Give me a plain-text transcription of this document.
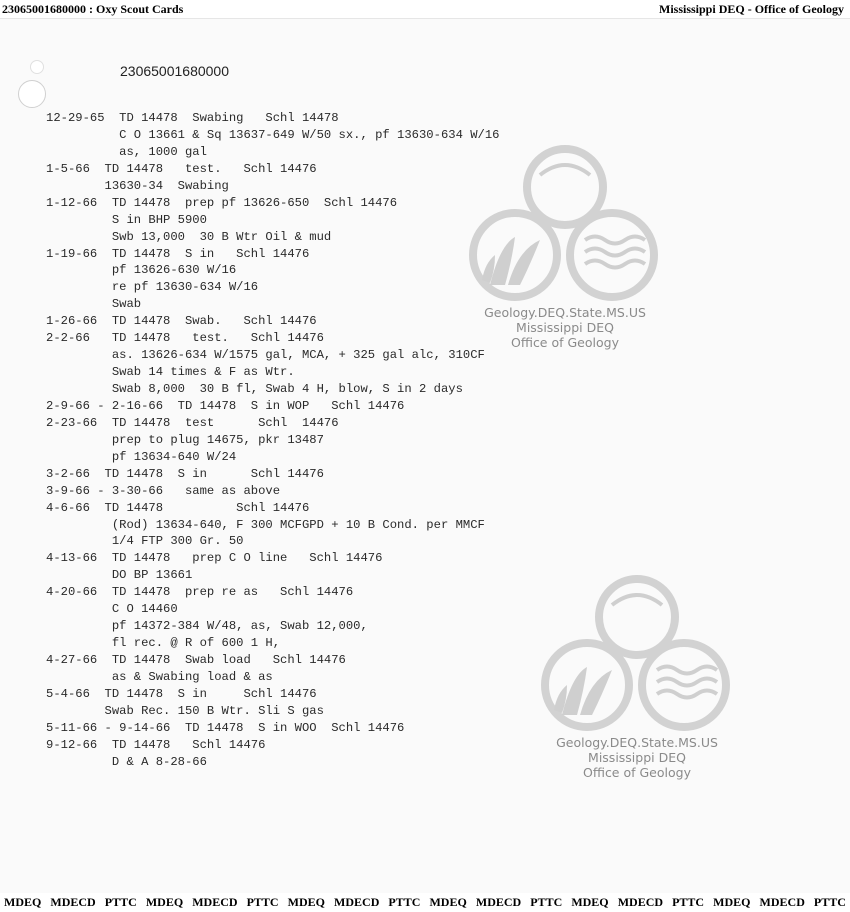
23065001680000 : Oxy Scout Cards	Mississippi DEQ - Office of Geology
23065001680000
12-29-65  TD 14478  Swabing   Schl 14478
C O 13661 & Sq 13637-649 W/50 sx., pf 13630-634 W/16
as, 1000 gal
1-5-66  TD 14478   test.   Schl 14476
13630-34  Swabing
1-12-66  TD 14478  prep pf 13626-650  Schl 14476
S in BHP 5900
Swb 13,000  30 B Wtr Oil & mud
1-19-66  TD 14478  S in   Schl 14476
pf 13626-630 W/16
re pf 13630-634 W/16
Swab
1-26-66  TD 14478  Swab.   Schl 14476
2-2-66   TD 14478   test.   Schl 14476
as. 13626-634 W/1575 gal, MCA, + 325 gal alc, 310CF
Swab 14 times & F as Wtr.
Swab 8,000  30 B fl, Swab 4 H, blow, S in 2 days
2-9-66 - 2-16-66  TD 14478  S in WOP   Schl 14476
2-23-66  TD 14478  test      Schl  14476
prep to plug 14675, pkr 13487
pf 13634-640 W/24
3-2-66  TD 14478  S in      Schl 14476
3-9-66 - 3-30-66   same as above
4-6-66  TD 14478          Schl 14476
(Rod) 13634-640, F 300 MCFGPD + 10 B Cond. per MMCF
1/4 FTP 300 Gr. 50
4-13-66  TD 14478   prep C O line   Schl 14476
DO BP 13661
4-20-66  TD 14478  prep re as   Schl 14476
C O 14460
pf 14372-384 W/48, as, Swab 12,000,
fl rec. @ R of 600 1 H,
4-27-66  TD 14478  Swab load   Schl 14476
as & Swabing load & as
5-4-66  TD 14478  S in     Schl 14476
Swab Rec. 150 B Wtr. Sli S gas
5-11-66 - 9-14-66  TD 14478  S in WOO  Schl 14476
9-12-66  TD 14478   Schl 14476
D & A 8-28-66
Geology.DEQ.State.MS.US
Mississippi DEQ
Office of Geology
Geology.DEQ.State.MS.US
Mississippi DEQ
Office of Geology
MDEQ MDECD PTTC MDEQ MDECD PTTC MDEQ MDECD PTTC MDEQ MDECD PTTC MDEQ MDECD PTTC MDEQ MDECD PTTC
